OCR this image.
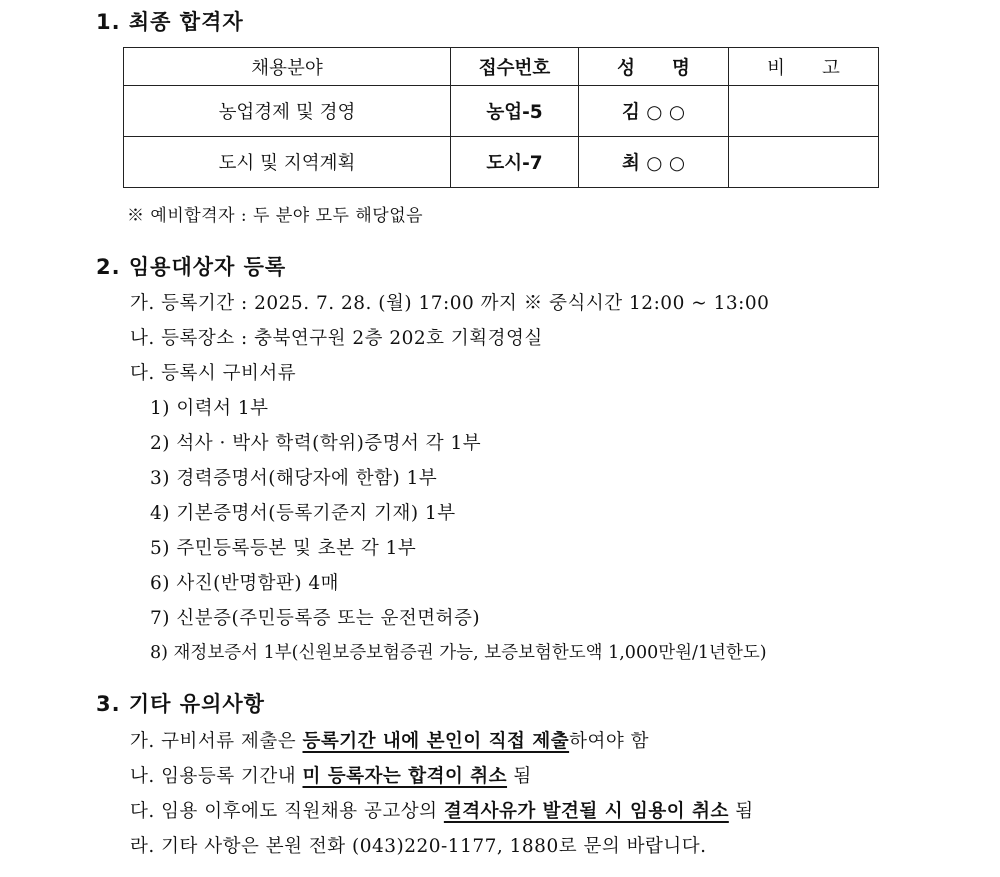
1. 최종 합격자
채용분야	접수번호	성　　명	비　　고
농업경제 및 경영	농업-5	김 ○ ○	
도시 및 지역계획	도시-7	최 ○ ○	
※ 예비합격자 : 두 분야 모두 해당없음
2. 임용대상자 등록
가. 등록기간 : 2025. 7. 28. (월) 17:00 까지 ※ 중식시간 12:00 ~ 13:00
나. 등록장소 : 충북연구원 2층 202호 기획경영실
다. 등록시 구비서류
1) 이력서 1부
2) 석사 · 박사 학력(학위)증명서 각 1부
3) 경력증명서(해당자에 한함) 1부
4) 기본증명서(등록기준지 기재) 1부
5) 주민등록등본 및 초본 각 1부
6) 사진(반명함판) 4매
7) 신분증(주민등록증 또는 운전면허증)
8) 재정보증서 1부(신원보증보험증권 가능, 보증보험한도액 1,000만원/1년한도)
3. 기타 유의사항
가. 구비서류 제출은 등록기간 내에 본인이 직접 제출하여야 함
나. 임용등록 기간내 미 등록자는 합격이 취소 됨
다. 임용 이후에도 직원채용 공고상의 결격사유가 발견될 시 임용이 취소 됨
라. 기타 사항은 본원 전화 (043)220-1177, 1880로 문의 바랍니다.
